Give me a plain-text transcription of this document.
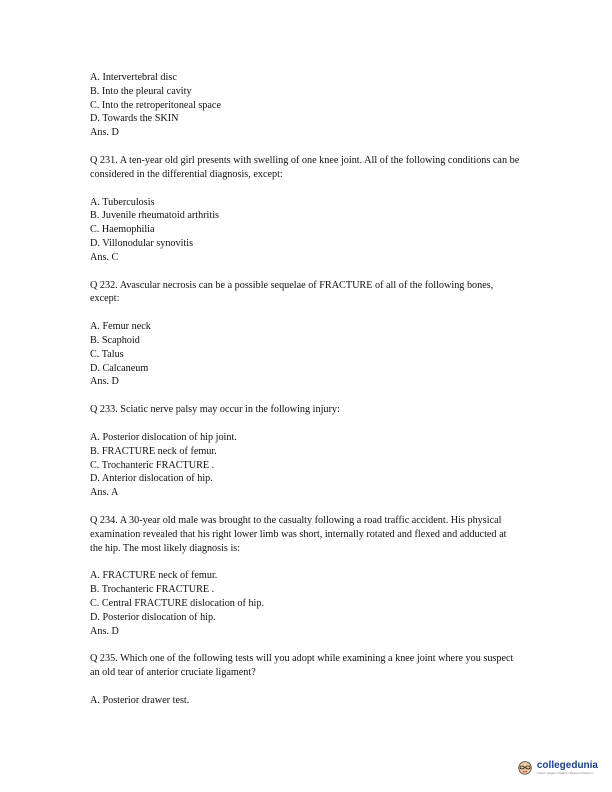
A. Intervertebral disc
B. Into the pleural cavity
C. Into the retroperitoneal space
D. Towards the SKIN
Ans. D
Q 231. A ten-year old girl presents with swelling of one knee joint. All of the following conditions can be considered in the differential diagnosis, except:
A. Tuberculosis
B. Juvenile rheumatoid arthritis
C. Haemophilia
D. Villonodular synovitis
Ans. C
Q 232. Avascular necrosis can be a possible sequelae of FRACTURE of all of the following bones, except:
A. Femur neck
B. Scaphoid
C. Talus
D. Calcaneum
Ans. D
Q 233. Sciatic nerve palsy may occur in the following injury:
A. Posterior dislocation of hip joint.
B. FRACTURE neck of femur.
C. Trochanteric FRACTURE .
D. Anterior dislocation of hip.
Ans. A
Q 234. A 30-year old male was brought to the casualty following a road traffic accident. His physical examination revealed that his right lower limb was short, internally rotated and flexed and adducted at the hip. The most likely diagnosis is:
A. FRACTURE neck of femur.
B. Trochanteric FRACTURE .
C. Central FRACTURE dislocation of hip.
D. Posterior dislocation of hip.
Ans. D
Q 235. Which one of the following tests will you adopt while examining a knee joint where you suspect an old tear of anterior cruciate ligament?
A. Posterior drawer test.
collegedunia
India's largest Student Review Platform
